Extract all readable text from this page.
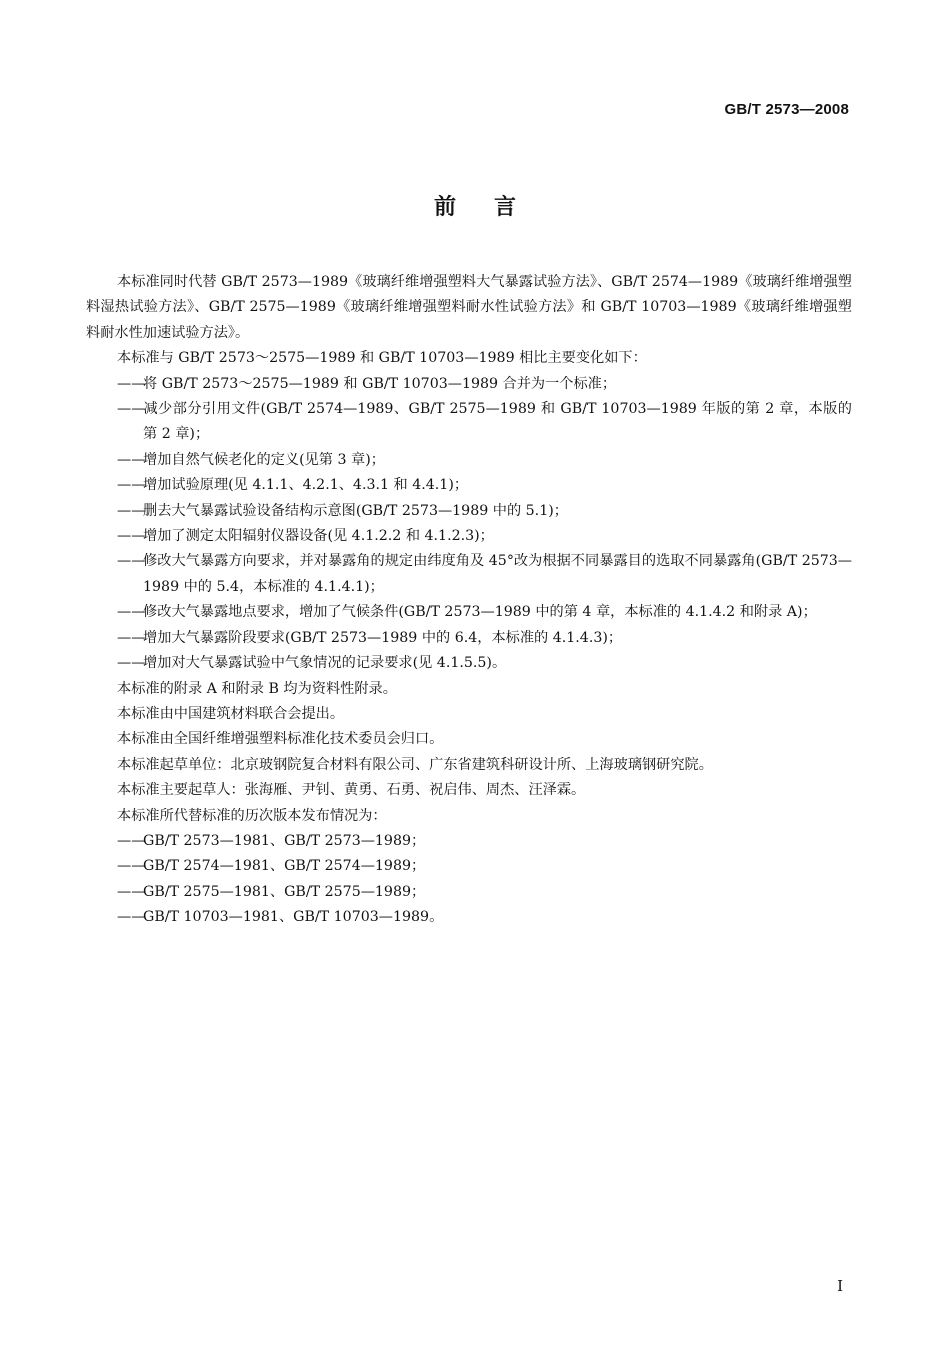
GB/T 2573—2008
前言

本标准同时代替 GB/T 2573—1989《玻璃纤维增强塑料大气暴露试验方法》、GB/T 2574—1989《玻璃纤维增强塑料湿热试验方法》、GB/T 2575—1989《玻璃纤维增强塑料耐水性试验方法》和 GB/T 10703—1989《玻璃纤维增强塑料耐水性加速试验方法》。

本标准与 GB/T 2573～2575—1989 和 GB/T 10703—1989 相比主要变化如下：

——将 GB/T 2573～2575—1989 和 GB/T 10703—1989 合并为一个标准；

——减少部分引用文件(GB/T 2574—1989、GB/T 2575—1989 和 GB/T 10703—1989 年版的第 2 章，本版的第 2 章)；

——增加自然气候老化的定义(见第 3 章)；

——增加试验原理(见 4.1.1、4.2.1、4.3.1 和 4.4.1)；

——删去大气暴露试验设备结构示意图(GB/T 2573—1989 中的 5.1)；

——增加了测定太阳辐射仪器设备(见 4.1.2.2 和 4.1.2.3)；

——修改大气暴露方向要求，并对暴露角的规定由纬度角及 45°改为根据不同暴露目的选取不同暴露角(GB/T 2573—1989 中的 5.4，本标准的 4.1.4.1)；

——修改大气暴露地点要求，增加了气候条件(GB/T 2573—1989 中的第 4 章，本标准的 4.1.4.2 和附录 A)；

——增加大气暴露阶段要求(GB/T 2573—1989 中的 6.4，本标准的 4.1.4.3)；

——增加对大气暴露试验中气象情况的记录要求(见 4.1.5.5)。

本标准的附录 A 和附录 B 均为资料性附录。

本标准由中国建筑材料联合会提出。

本标准由全国纤维增强塑料标准化技术委员会归口。

本标准起草单位：北京玻钢院复合材料有限公司、广东省建筑科研设计所、上海玻璃钢研究院。

本标准主要起草人：张海雁、尹钊、黄勇、石勇、祝启伟、周杰、汪泽霖。

本标准所代替标准的历次版本发布情况为：

——GB/T 2573—1981、GB/T 2573—1989；

——GB/T 2574—1981、GB/T 2574—1989；

——GB/T 2575—1981、GB/T 2575—1989；

——GB/T 10703—1981、GB/T 10703—1989。

I
